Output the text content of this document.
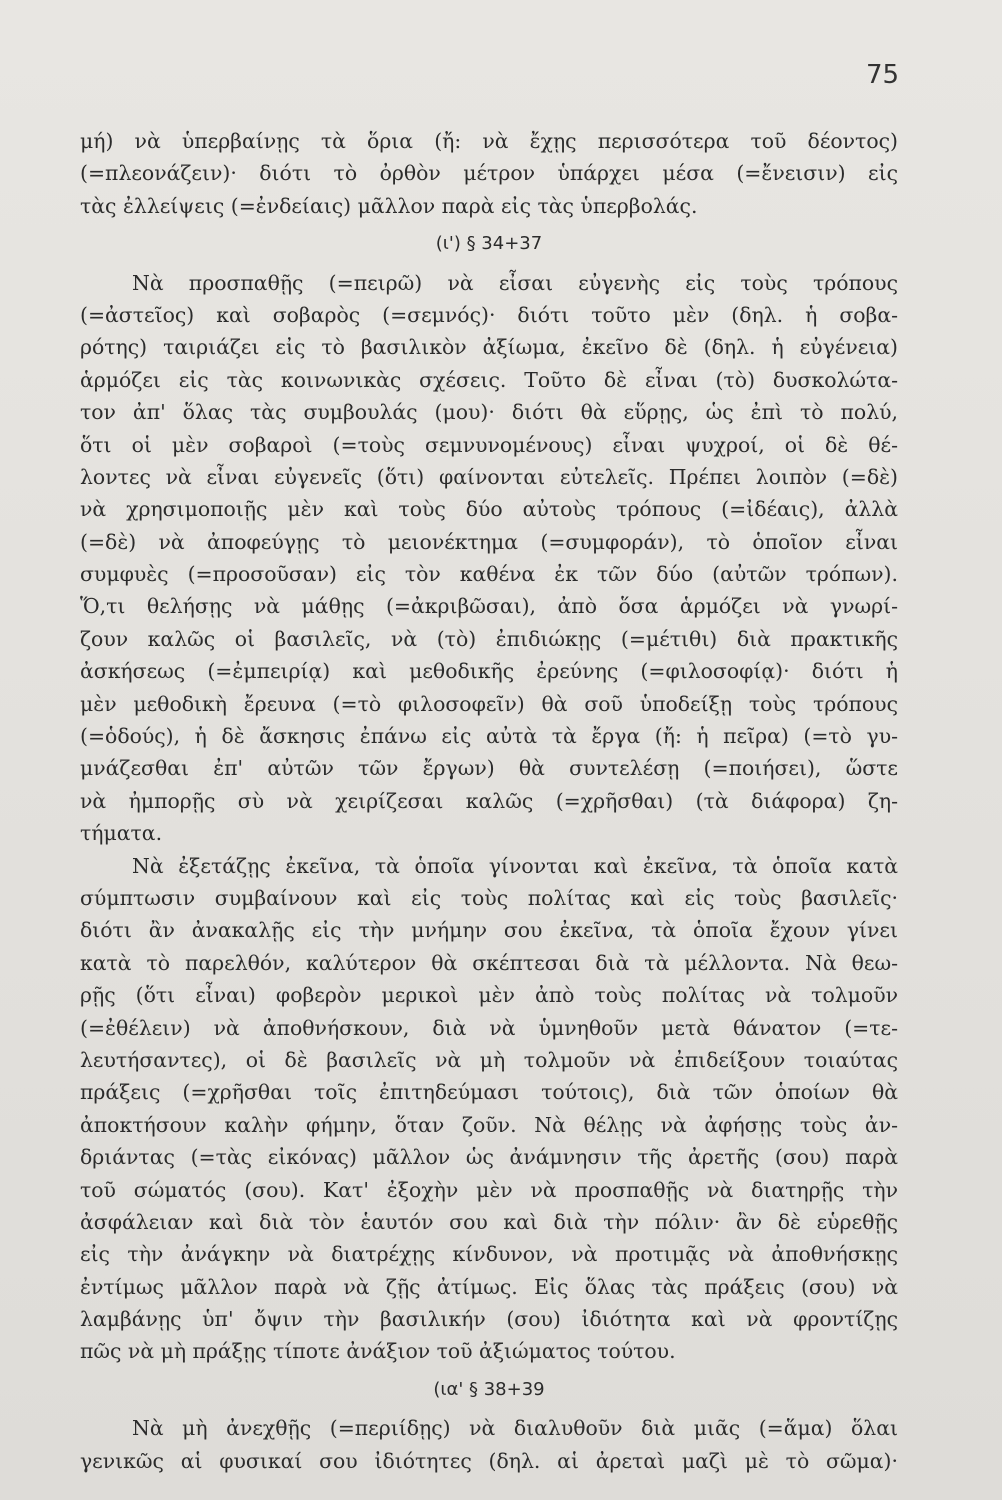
75
μή) νὰ ὑπερβαίνῃς τὰ ὅρια (ἤ: νὰ ἔχῃς περισσότερα τοῦ δέοντος)
(=πλεονάζειν)· διότι τὸ ὀρθὸν μέτρον ὑπάρχει μέσα (=ἔνεισιν) εἰς
τὰς ἐλλείψεις (=ἐνδείαις) μᾶλλον παρὰ εἰς τὰς ὑπερβολάς.
(ι') § 34+37
Νὰ προσπαθῇς (=πειρῶ) νὰ εἶσαι εὐγενὴς εἰς τοὺς τρόπους
(=ἀστεῖος) καὶ σοβαρὸς (=σεμνός)· διότι τοῦτο μὲν (δηλ. ἡ σοβα-
ρότης) ταιριάζει εἰς τὸ βασιλικὸν ἀξίωμα, ἐκεῖνο δὲ (δηλ. ἡ εὐγένεια)
ἁρμόζει εἰς τὰς κοινωνικὰς σχέσεις. Τοῦτο δὲ εἶναι (τὸ) δυσκολώτα-
τον ἀπ' ὅλας τὰς συμβουλάς (μου)· διότι θὰ εὕρῃς, ὡς ἐπὶ τὸ πολύ,
ὅτι οἱ μὲν σοβαροὶ (=τοὺς σεμνυνομένους) εἶναι ψυχροί, οἱ δὲ θέ-
λοντες νὰ εἶναι εὐγενεῖς (ὅτι) φαίνονται εὐτελεῖς. Πρέπει λοιπὸν (=δὲ)
νὰ χρησιμοποιῇς μὲν καὶ τοὺς δύο αὐτοὺς τρόπους (=ἰδέαις), ἀλλὰ
(=δὲ) νὰ ἀποφεύγῃς τὸ μειονέκτημα (=συμφοράν), τὸ ὁποῖον εἶναι
συμφυὲς (=προσοῦσαν) εἰς τὸν καθένα ἐκ τῶν δύο (αὐτῶν τρόπων).
Ὅ,τι θελήσῃς νὰ μάθῃς (=ἀκριβῶσαι), ἀπὸ ὅσα ἁρμόζει νὰ γνωρί-
ζουν καλῶς οἱ βασιλεῖς, νὰ (τὸ) ἐπιδιώκῃς (=μέτιθι) διὰ πρακτικῆς
ἀσκήσεως (=ἐμπειρίᾳ) καὶ μεθοδικῆς ἐρεύνης (=φιλοσοφίᾳ)· διότι ἡ
μὲν μεθοδικὴ ἔρευνα (=τὸ φιλοσοφεῖν) θὰ σοῦ ὑποδείξῃ τοὺς τρόπους
(=ὁδούς), ἡ δὲ ἄσκησις ἐπάνω εἰς αὐτὰ τὰ ἔργα (ἤ: ἡ πεῖρα) (=τὸ γυ-
μνάζεσθαι ἐπ' αὐτῶν τῶν ἔργων) θὰ συντελέσῃ (=ποιήσει), ὥστε
νὰ ἠμπορῇς σὺ νὰ χειρίζεσαι καλῶς (=χρῆσθαι) (τὰ διάφορα) ζη-
τήματα.
Νὰ ἐξετάζῃς ἐκεῖνα, τὰ ὁποῖα γίνονται καὶ ἐκεῖνα, τὰ ὁποῖα κατὰ
σύμπτωσιν συμβαίνουν καὶ εἰς τοὺς πολίτας καὶ εἰς τοὺς βασιλεῖς·
διότι ἂν ἀνακαλῇς εἰς τὴν μνήμην σου ἐκεῖνα, τὰ ὁποῖα ἔχουν γίνει
κατὰ τὸ παρελθόν, καλύτερον θὰ σκέπτεσαι διὰ τὰ μέλλοντα. Νὰ θεω-
ρῇς (ὅτι εἶναι) φοβερὸν μερικοὶ μὲν ἀπὸ τοὺς πολίτας νὰ τολμοῦν
(=ἐθέλειν) νὰ ἀποθνήσκουν, διὰ νὰ ὑμνηθοῦν μετὰ θάνατον (=τε-
λευτήσαντες), οἱ δὲ βασιλεῖς νὰ μὴ τολμοῦν νὰ ἐπιδείξουν τοιαύτας
πράξεις (=χρῆσθαι τοῖς ἐπιτηδεύμασι τούτοις), διὰ τῶν ὁποίων θὰ
ἀποκτήσουν καλὴν φήμην, ὅταν ζοῦν. Νὰ θέλῃς νὰ ἀφήσῃς τοὺς ἀν-
δριάντας (=τὰς εἰκόνας) μᾶλλον ὡς ἀνάμνησιν τῆς ἀρετῆς (σου) παρὰ
τοῦ σώματός (σου). Κατ' ἐξοχὴν μὲν νὰ προσπαθῇς νὰ διατηρῇς τὴν
ἀσφάλειαν καὶ διὰ τὸν ἑαυτόν σου καὶ διὰ τὴν πόλιν· ἂν δὲ εὑρεθῇς
εἰς τὴν ἀνάγκην νὰ διατρέχῃς κίνδυνον, νὰ προτιμᾷς νὰ ἀποθνήσκῃς
ἐντίμως μᾶλλον παρὰ νὰ ζῇς ἀτίμως. Εἰς ὅλας τὰς πράξεις (σου) νὰ
λαμβάνῃς ὑπ' ὄψιν τὴν βασιλικήν (σου) ἰδιότητα καὶ νὰ φροντίζῃς
πῶς νὰ μὴ πράξῃς τίποτε ἀνάξιον τοῦ ἀξιώματος τούτου.
(ια' § 38+39
Νὰ μὴ ἀνεχθῇς (=περιίδῃς) νὰ διαλυθοῦν διὰ μιᾶς (=ἅμα) ὅλαι
γενικῶς αἱ φυσικαί σου ἰδιότητες (δηλ. αἱ ἀρεταὶ μαζὶ μὲ τὸ σῶμα)·
